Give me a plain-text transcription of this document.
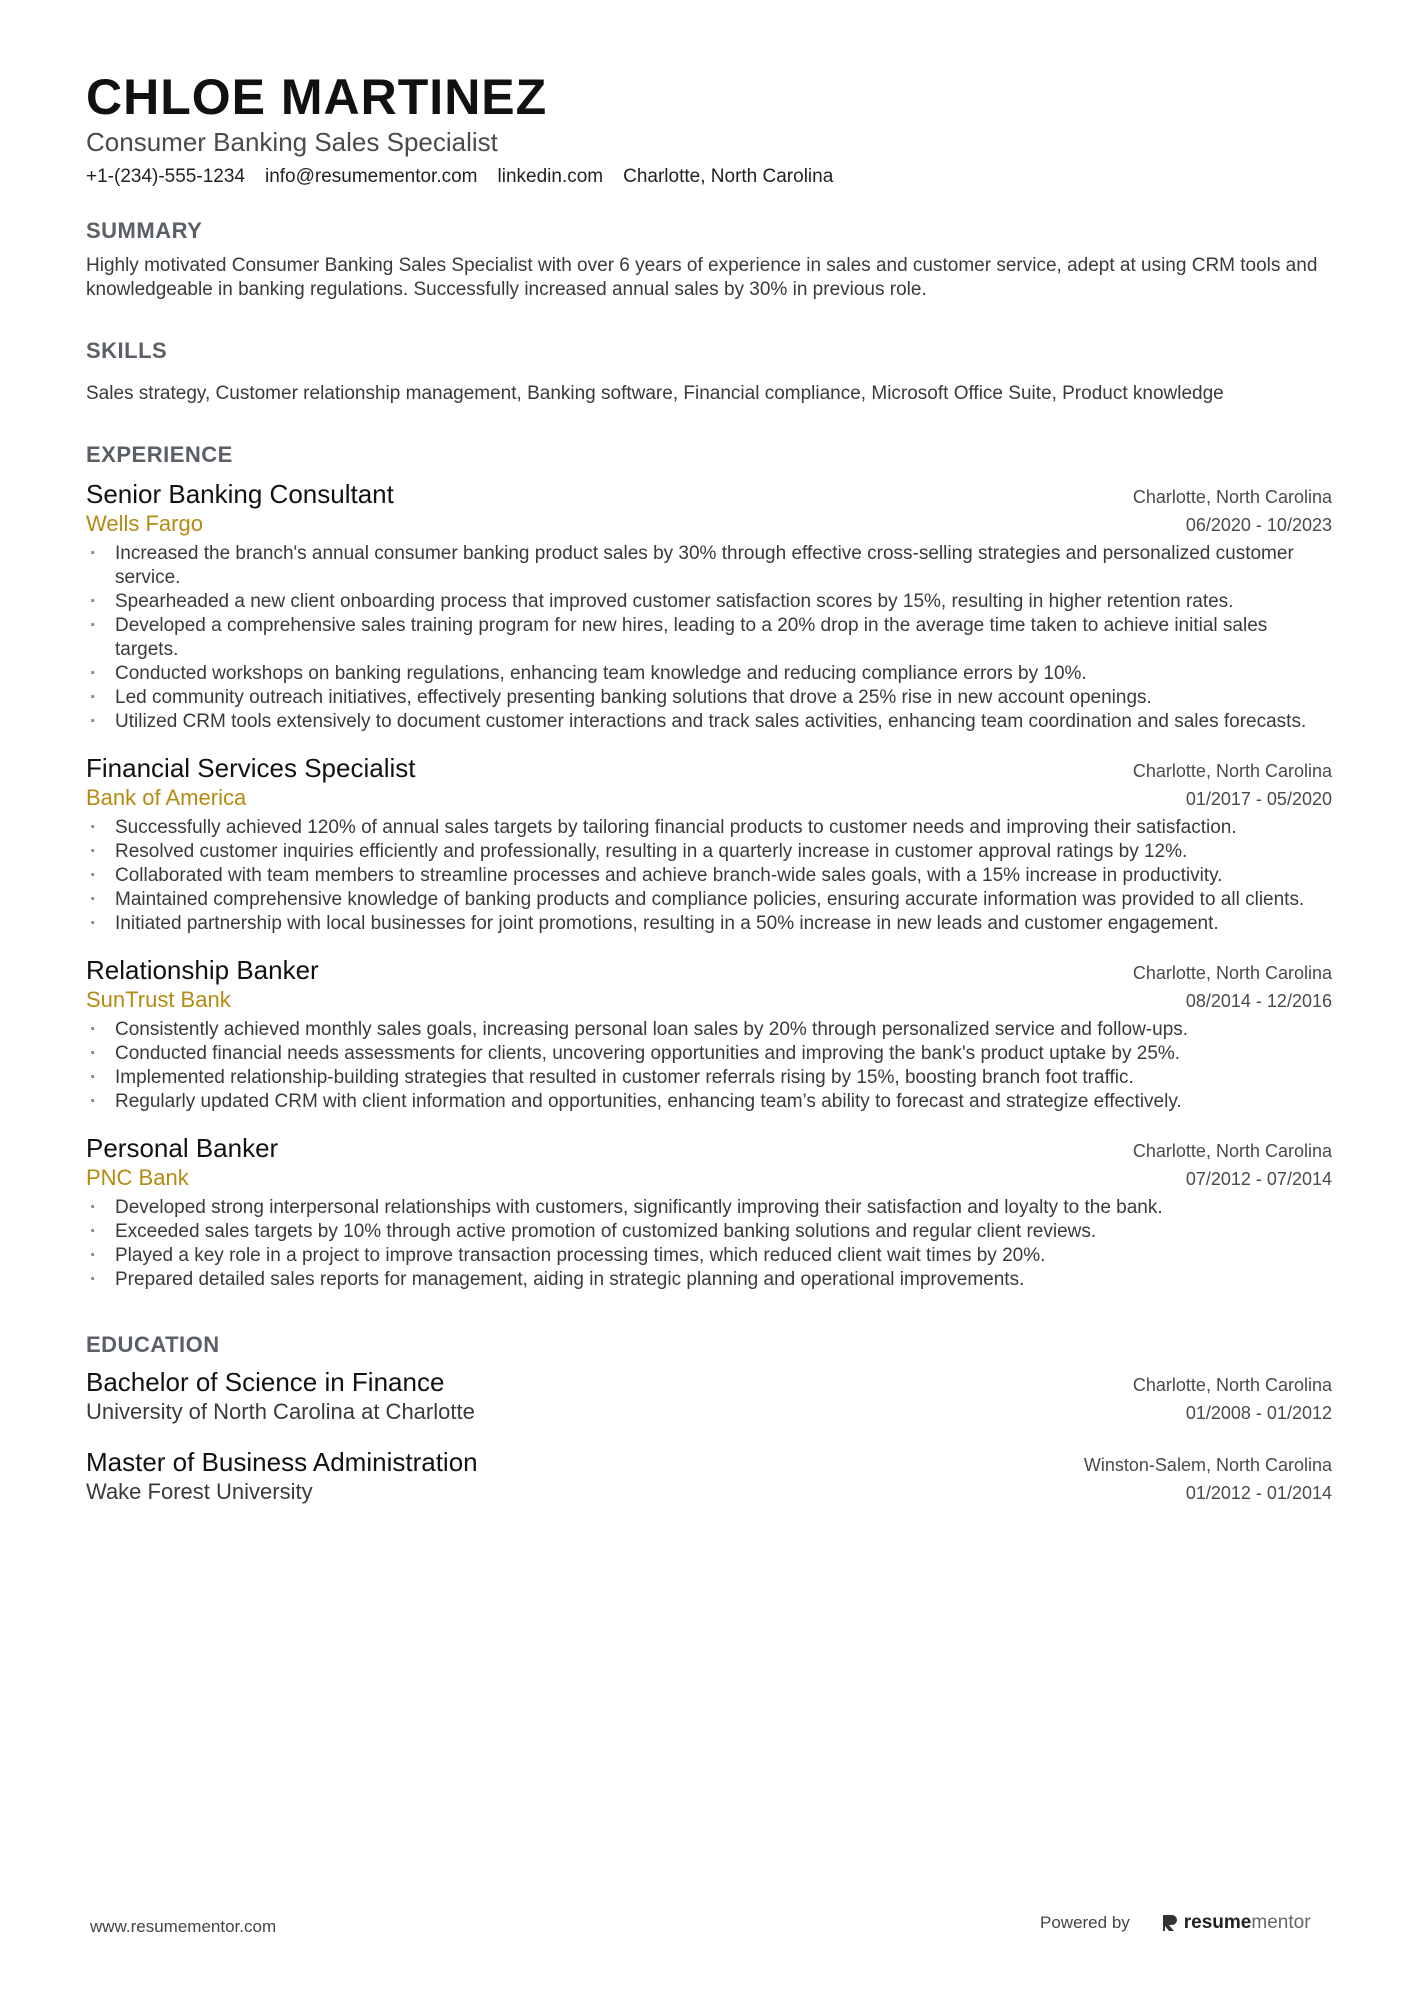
CHLOE MARTINEZ
Consumer Banking Sales Specialist
+1-(234)-555-1234 info@resumementor.com linkedin.com Charlotte, North Carolina
SUMMARY
Highly motivated Consumer Banking Sales Specialist with over 6 years of experience in sales and customer service, adept at using CRM tools and knowledgeable in banking regulations. Successfully increased annual sales by 30% in previous role.
SKILLS
Sales strategy, Customer relationship management, Banking software, Financial compliance, Microsoft Office Suite, Product knowledge
EXPERIENCE
Senior Banking Consultant	Charlotte, North Carolina
Wells Fargo	06/2020 - 10/2023
· Increased the branch's annual consumer banking product sales by 30% through effective cross-selling strategies and personalized customer service.
· Spearheaded a new client onboarding process that improved customer satisfaction scores by 15%, resulting in higher retention rates.
· Developed a comprehensive sales training program for new hires, leading to a 20% drop in the average time taken to achieve initial sales targets.
· Conducted workshops on banking regulations, enhancing team knowledge and reducing compliance errors by 10%.
· Led community outreach initiatives, effectively presenting banking solutions that drove a 25% rise in new account openings.
· Utilized CRM tools extensively to document customer interactions and track sales activities, enhancing team coordination and sales forecasts.
Financial Services Specialist	Charlotte, North Carolina
Bank of America	01/2017 - 05/2020
· Successfully achieved 120% of annual sales targets by tailoring financial products to customer needs and improving their satisfaction.
· Resolved customer inquiries efficiently and professionally, resulting in a quarterly increase in customer approval ratings by 12%.
· Collaborated with team members to streamline processes and achieve branch-wide sales goals, with a 15% increase in productivity.
· Maintained comprehensive knowledge of banking products and compliance policies, ensuring accurate information was provided to all clients.
· Initiated partnership with local businesses for joint promotions, resulting in a 50% increase in new leads and customer engagement.
Relationship Banker	Charlotte, North Carolina
SunTrust Bank	08/2014 - 12/2016
· Consistently achieved monthly sales goals, increasing personal loan sales by 20% through personalized service and follow-ups.
· Conducted financial needs assessments for clients, uncovering opportunities and improving the bank's product uptake by 25%.
· Implemented relationship-building strategies that resulted in customer referrals rising by 15%, boosting branch foot traffic.
· Regularly updated CRM with client information and opportunities, enhancing team’s ability to forecast and strategize effectively.
Personal Banker	Charlotte, North Carolina
PNC Bank	07/2012 - 07/2014
· Developed strong interpersonal relationships with customers, significantly improving their satisfaction and loyalty to the bank.
· Exceeded sales targets by 10% through active promotion of customized banking solutions and regular client reviews.
· Played a key role in a project to improve transaction processing times, which reduced client wait times by 20%.
· Prepared detailed sales reports for management, aiding in strategic planning and operational improvements.
EDUCATION
Bachelor of Science in Finance	Charlotte, North Carolina
University of North Carolina at Charlotte	01/2008 - 01/2012
Master of Business Administration	Winston-Salem, North Carolina
Wake Forest University	01/2012 - 01/2014
www.resumementor.com	Powered by	resumementor
